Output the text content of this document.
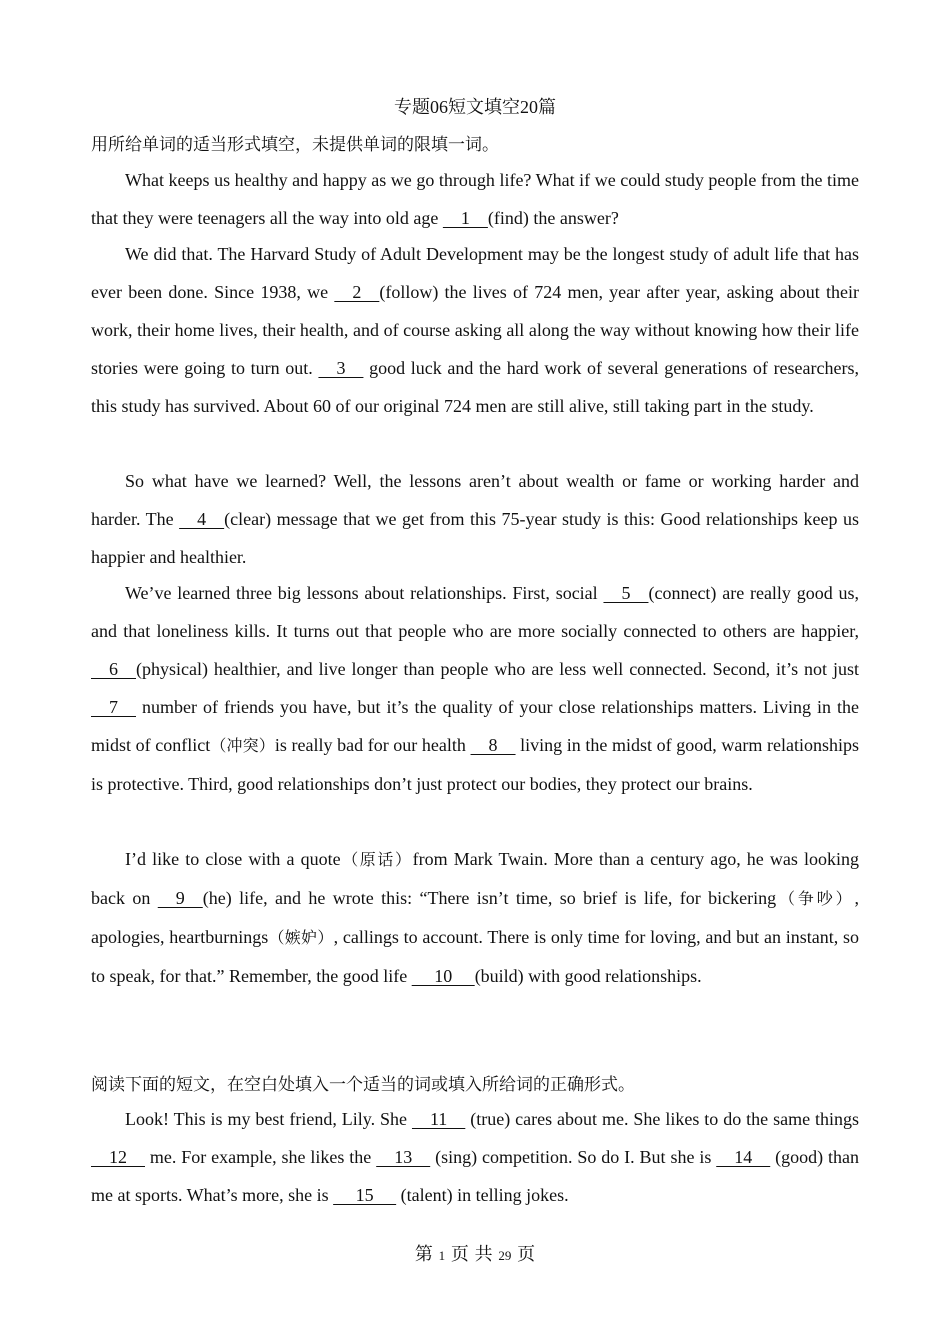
专题06短文填空20篇
用所给单词的适当形式填空，未提供单词的限填一词。

What keeps us healthy and happy as we go through life? What if we could study people from the time that they were teenagers all the way into old age     1    (find) the answer?

We did that. The Harvard Study of Adult Development may be the longest study of adult life that has ever been done. Since 1938, we     2    (follow) the lives of 724 men, year after year, asking about their work, their home lives, their health, and of course asking all along the way without knowing how their life stories were going to turn out.     3     good luck and the hard work of several generations of researchers, this study has survived. About 60 of our original 724 men are still alive, still taking part in the study.

So what have we learned? Well, the lessons aren’t about wealth or fame or working harder and harder. The     4    (clear) message that we get from this 75-year study is this: Good relationships keep us happier and healthier.

We’ve learned three big lessons about relationships. First, social     5    (connect) are really good us, and that loneliness kills. It turns out that people who are more socially connected to others are happier,     6    (physical) healthier, and live longer than people who are less well connected. Second, it’s not just     7     number of friends you have, but it’s the quality of your close relationships matters. Living in the midst of conflict（冲突）is really bad for our health     8     living in the midst of good, warm relationships is protective. Third, good relationships don’t just protect our bodies, they protect our brains.

I’d like to close with a quote（原话）from Mark Twain. More than a century ago, he was looking back on     9    (he) life, and he wrote this: “There isn’t time, so brief is life, for bickering（争吵）, apologies, heartburnings（嫉妒）, callings to account. There is only time for loving, and but an instant, so to speak, for that.” Remember, the good life      10     (build) with good relationships.

阅读下面的短文，在空白处填入一个适当的词或填入所给词的正确形式。

Look! This is my best friend, Lily. She     11     (true) cares about me. She likes to do the same things     12     me. For example, she likes the     13     (sing) competition. So do I. But she is     14     (good) than me at sports. What’s more, she is      15      (talent) in telling jokes.

第 1 页 共 29 页
